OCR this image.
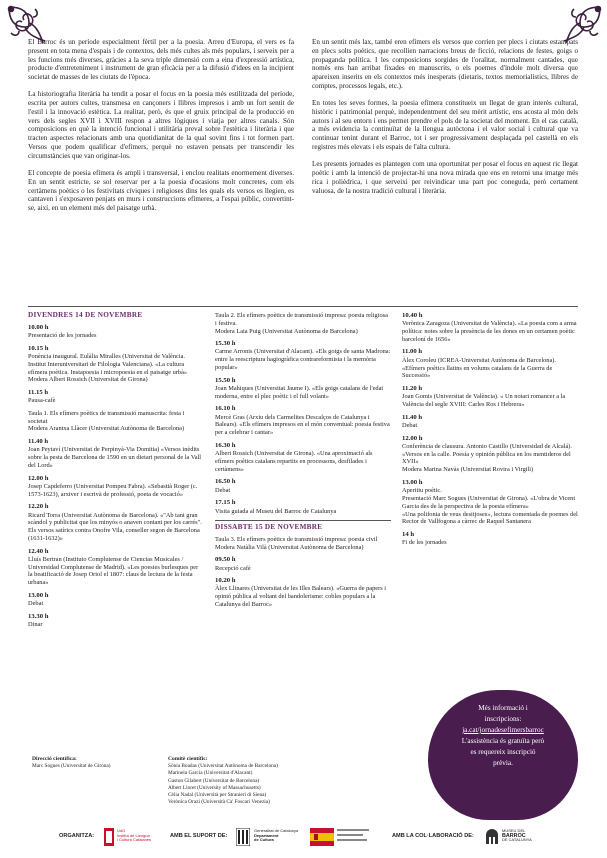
El Barroc és un període especialment fèrtil per a la poesia. Arreu d'Europa, el vers es fa present en tota mena d'espais i de contextos, dels més cultes als més populars, i serveix per a les funcions més diverses, gràcies a la seva triple dimensió com a eina d'expressió artística, producte d'entreteniment i instrument de gran eficàcia per a la difusió d'idees en la incipient societat de masses de les ciutats de l'època.

La historiografia literària ha tendit a posar el focus en la poesia més estilitzada del període, escrita per autors cultes, transmesa en cançoners i llibres impresos i amb un fort sentit de l'estil i la innovació estètica. La realitat, però, és que el gruix principal de la producció en vers dels segles XVII i XVIII respon a altres lògiques i viatja per altres canals. Són composicions en què la intenció funcional i utilitària preval sobre l'estètica i literària i que tracten aspectes relacionats amb una quotidianitat de la qual sovint fins i tot formen part. Versos que podem qualificar d'efímers, perquè no estaven pensats per transcendir les circumstàncies que van originar-los.

El concepte de poesia efímera és ampli i transversal, i enclou realitats enormement diverses. En un sentit estricte, se sol reservar per a la poesia d'ocasions molt concretes, com els certàmens poètics o les festivitats cíviques i religioses dins les quals els versos es llegien, es cantaven i s'exposaven penjats en murs i construccions efímeres, a l'espai públic, convertint-se, així, en un element més del paisatge urbà.

En un sentit més lax, també eren efímers els versos que corrien per plecs i ciutats estampats en plecs solts poètics, que recollien narracions breus de ficció, relacions de festes, goigs o propaganda política. I les composicions sorgides de l'oralitat, normalment cantades, que només ens han arribat fixades en manuscrits, o els poemes d'índole molt diversa que apareixen inserits en els contextos més inesperats (dietaris, textos memorialístics, llibres de comptes, processos legals, etc.).

En totes les seves formes, la poesia efímera constitueix un llegat de gran interès cultural, històric i patrimonial perquè, independentment del seu mèrit artístic, ens acosta al món dels autors i al seu entorn i ens permet prendre el pols de la societat del moment. En el cas català, a més evidencia la continuïtat de la llengua autòctona i el valor social i cultural que va continuar tenint durant el Barroc, tot i ser progressivament desplaçada pel castellà en els registres més elevats i els espais de l'alta cultura.

Les presents jornades es plantegen com una oportunitat per posar el focus en aquest ric llegat poètic i amb la intenció de projectar-hi una nova mirada que ens en retorni una imatge més rica i polièdrica, i que serveixi per reivindicar una part poc coneguda, però certament valuosa, de la nostra tradició cultural i literària.

DIVENDRES 14 DE NOVEMBRE
10.00 h
Presentació de les jornades
10.15 h
Ponència inaugural. Eulàlia Miralles (Universitat de València. Institut Interuniversitari de Filologia Valenciana). «La cultura efímera poètica. Instapoesia i micropoesia en el paisatge urbà»
Modera Albert Rossich (Universitat de Girona)
11.15 h
Pausa-cafè
Taula 1. Els efímers poètics de transmissió manuscrita: festa i societat
Modera Arantxa Llàcer (Universitat Autònoma de Barcelona)
11.40 h
Joan Peytaví (Universitat de Perpinyà-Via Domitia) «Versos inèdits sobre la pesta de Barcelona de 1590 en un dietari personal de la Vall del Lord»
12.00 h
Josep Capdeferro (Universitat Pompeu Fabra). «Sebastià Roger (c. 1573-1623), arxiver i escrivà de professió, poeta de vocació»
12.20 h
Ricard Torra (Universitat Autònoma de Barcelona). «"Ab tant gran scàndol y publicitat que los minyós o anaven contant per los carrés". Els versos satírics contra Onofre Vila, conseller segon de Barcelona (1631-1632)»
12.40 h
Lluís Bertran (Instituto Complutense de Ciencias Musicales / Universidad Complutense de Madrid). «Les poesies burlesques per la beatificació de Josep Oriol el 1807: claus de lectura de la festa urbana»
13.00 h
Debat
13.30 h
Dinar
Taula 2. Els efímers poètics de transmissió impresa: poesia religiosa i festiva.
Modera Laia Puig (Universitat Autònoma de Barcelona)
15.30 h
Carme Arronis (Universitat d'Alacant). «Els goigs de santa Madrona: entre la reescriptura hagiogràfica contrareformista i la memòria popular»
15.50 h
Joan Mahiques (Universitat Jaume I). «Els goigs catalans de l'edat moderna, entre el plec poètic i el full volant»
16.10 h
Mercè Gras (Arxiu dels Carmelites Descalços de Catalunya i Balears). «Els efímers impresos en el món conventual: poesia festiva per a celebrar i cantar»
16.30 h
Albert Rossich (Universitat de Girona). «Una aproximació als efímers poètics catalans repartits en processons, desfilades i certàmens»
16.50 h
Debat
17.15 h
Visita guiada al Museu del Barroc de Catalunya
DISSABTE 15 DE NOVEMBRE
Taula 3. Els efímers poètics de transmissió impresa: poesia civil
Modera Natàlia Vilà (Universitat Autònoma de Barcelona)
09.50 h
Recepció cafè
10.20 h
Àlex Llinares (Universitat de les Illes Balears). «Guerra de papers i opinió pública al voltant del bandolerisme: cobles populars a la Catalunya del Barroc»
10.40 h
Verònica Zaragoza (Universitat de València). «La poesia com a arma política: notes sobre la presència de les dones en un certamen poètic barceloní de 1656»
11.00 h
Àlex Coroleu (ICREA-Universitat Autònoma de Barcelona). «Efímers poètics llatins en volums catalans de la Guerra de Successió»
11.20 h
Joan Gomis (Universitat de València). « Un notari romancer a la València del segle XVIII: Carles Ros i Hebrera»
11.40 h
Debat
12.00 h
Conferència de clausura. Antonio Castillo (Universidad de Alcalá). «Versos en la calle. Poesía y opinión pública en los mentideros del XVII»
Modera Marina Navàs (Universitat Rovira i Virgili)
13.00 h
Aperitiu poètic.
Presentació Marc Sogues (Universitat de Girona). «L'obra de Vicent Garcia des de la perspectiva de la poesia efímera»
«Una polifonia de veus desitjoses», lectura comentada de poemes del Rector de Vallfogona a càrrec de Raquel Santanera
14 h
Fi de les jornades
Més informació i
inscripcions:
ja.cat/jornadesefimersbarroc
L'assistència és gratuïta però
es requereix inscripció
prèvia.
Direcció científica:
Marc Sogues (Universitat de Girona)
Comitè científic:
Sònia Boadas (Universitat Autònoma de Barcelona)
Marinela Garcia (Universitat d'Alacant)
Gaston Gilabert (Universitat de Barcelona)
Albert Lloret (University of Massachusetts)
Cèlia Nadal (Università per Stranieri di Siena)
Verònica Orazi (Università Ca' Foscari Venezia)
ORGANITZA:
UdG
Institut de Llengua
i Cultura Catalanes
AMB EL SUPORT DE:
Generalitat de Catalunya
Departament
de Cultura
AMB LA COL·LABORACIÓ DE:
MUSEU DEL
BARROC
DE CATALUNYA
